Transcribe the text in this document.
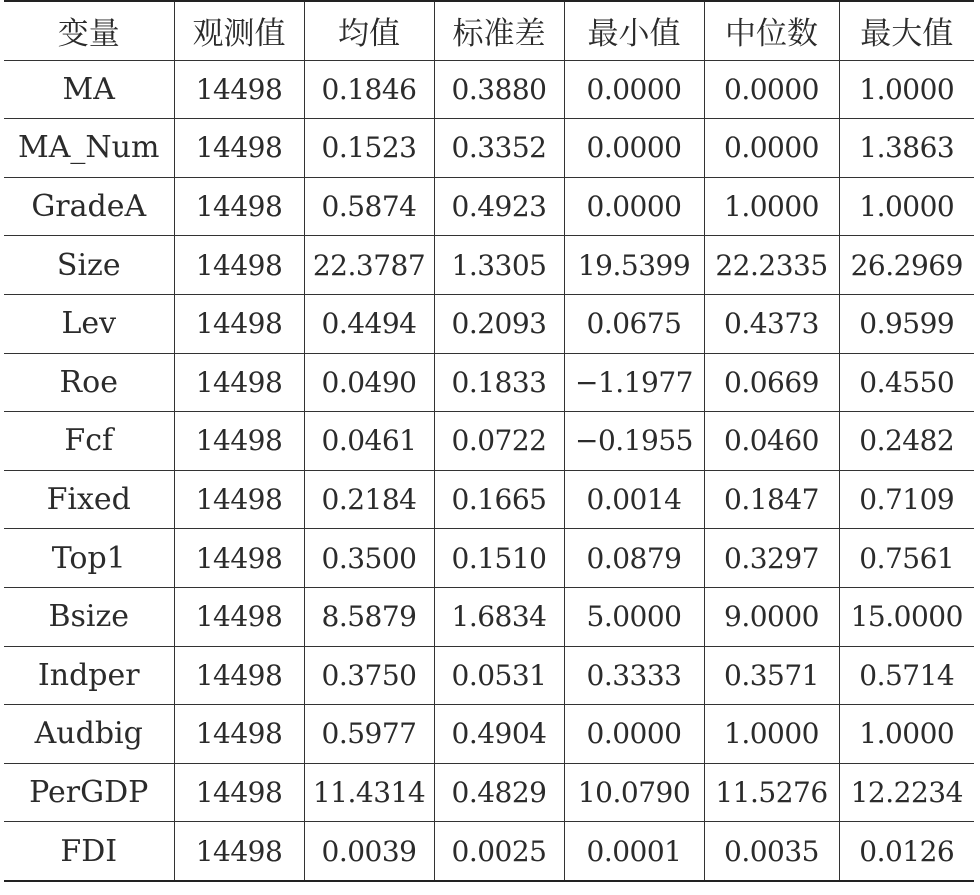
变量	观测值	均值	标准差	最小值	中位数	最大值
MA	14498	0.1846	0.3880	0.0000	0.0000	1.0000
MA_Num	14498	0.1523	0.3352	0.0000	0.0000	1.3863
GradeA	14498	0.5874	0.4923	0.0000	1.0000	1.0000
Size	14498	22.3787	1.3305	19.5399	22.2335	26.2969
Lev	14498	0.4494	0.2093	0.0675	0.4373	0.9599
Roe	14498	0.0490	0.1833	−1.1977	0.0669	0.4550
Fcf	14498	0.0461	0.0722	−0.1955	0.0460	0.2482
Fixed	14498	0.2184	0.1665	0.0014	0.1847	0.7109
Top1	14498	0.3500	0.1510	0.0879	0.3297	0.7561
Bsize	14498	8.5879	1.6834	5.0000	9.0000	15.0000
Indper	14498	0.3750	0.0531	0.3333	0.3571	0.5714
Audbig	14498	0.5977	0.4904	0.0000	1.0000	1.0000
PerGDP	14498	11.4314	0.4829	10.0790	11.5276	12.2234
FDI	14498	0.0039	0.0025	0.0001	0.0035	0.0126
